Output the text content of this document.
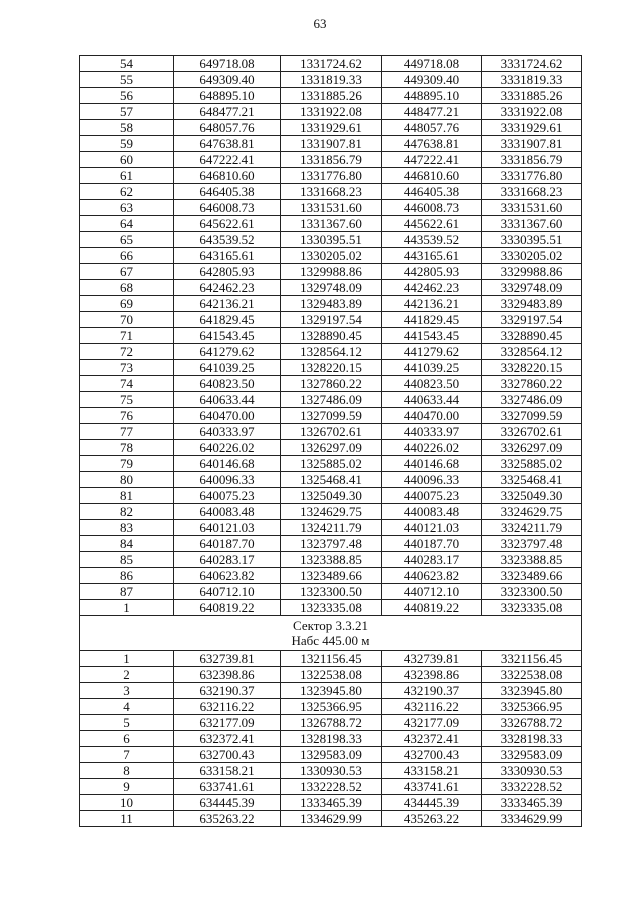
63
54	649718.08	1331724.62	449718.08	3331724.62
55	649309.40	1331819.33	449309.40	3331819.33
56	648895.10	1331885.26	448895.10	3331885.26
57	648477.21	1331922.08	448477.21	3331922.08
58	648057.76	1331929.61	448057.76	3331929.61
59	647638.81	1331907.81	447638.81	3331907.81
60	647222.41	1331856.79	447222.41	3331856.79
61	646810.60	1331776.80	446810.60	3331776.80
62	646405.38	1331668.23	446405.38	3331668.23
63	646008.73	1331531.60	446008.73	3331531.60
64	645622.61	1331367.60	445622.61	3331367.60
65	643539.52	1330395.51	443539.52	3330395.51
66	643165.61	1330205.02	443165.61	3330205.02
67	642805.93	1329988.86	442805.93	3329988.86
68	642462.23	1329748.09	442462.23	3329748.09
69	642136.21	1329483.89	442136.21	3329483.89
70	641829.45	1329197.54	441829.45	3329197.54
71	641543.45	1328890.45	441543.45	3328890.45
72	641279.62	1328564.12	441279.62	3328564.12
73	641039.25	1328220.15	441039.25	3328220.15
74	640823.50	1327860.22	440823.50	3327860.22
75	640633.44	1327486.09	440633.44	3327486.09
76	640470.00	1327099.59	440470.00	3327099.59
77	640333.97	1326702.61	440333.97	3326702.61
78	640226.02	1326297.09	440226.02	3326297.09
79	640146.68	1325885.02	440146.68	3325885.02
80	640096.33	1325468.41	440096.33	3325468.41
81	640075.23	1325049.30	440075.23	3325049.30
82	640083.48	1324629.75	440083.48	3324629.75
83	640121.03	1324211.79	440121.03	3324211.79
84	640187.70	1323797.48	440187.70	3323797.48
85	640283.17	1323388.85	440283.17	3323388.85
86	640623.82	1323489.66	440623.82	3323489.66
87	640712.10	1323300.50	440712.10	3323300.50
1	640819.22	1323335.08	440819.22	3323335.08

Сектор 3.3.21
Набс 445.00 м				

1	632739.81	1321156.45	432739.81	3321156.45
2	632398.86	1322538.08	432398.86	3322538.08
3	632190.37	1323945.80	432190.37	3323945.80
4	632116.22	1325366.95	432116.22	3325366.95
5	632177.09	1326788.72	432177.09	3326788.72
6	632372.41	1328198.33	432372.41	3328198.33
7	632700.43	1329583.09	432700.43	3329583.09
8	633158.21	1330930.53	433158.21	3330930.53
9	633741.61	1332228.52	433741.61	3332228.52
10	634445.39	1333465.39	434445.39	3333465.39
11	635263.22	1334629.99	435263.22	3334629.99
